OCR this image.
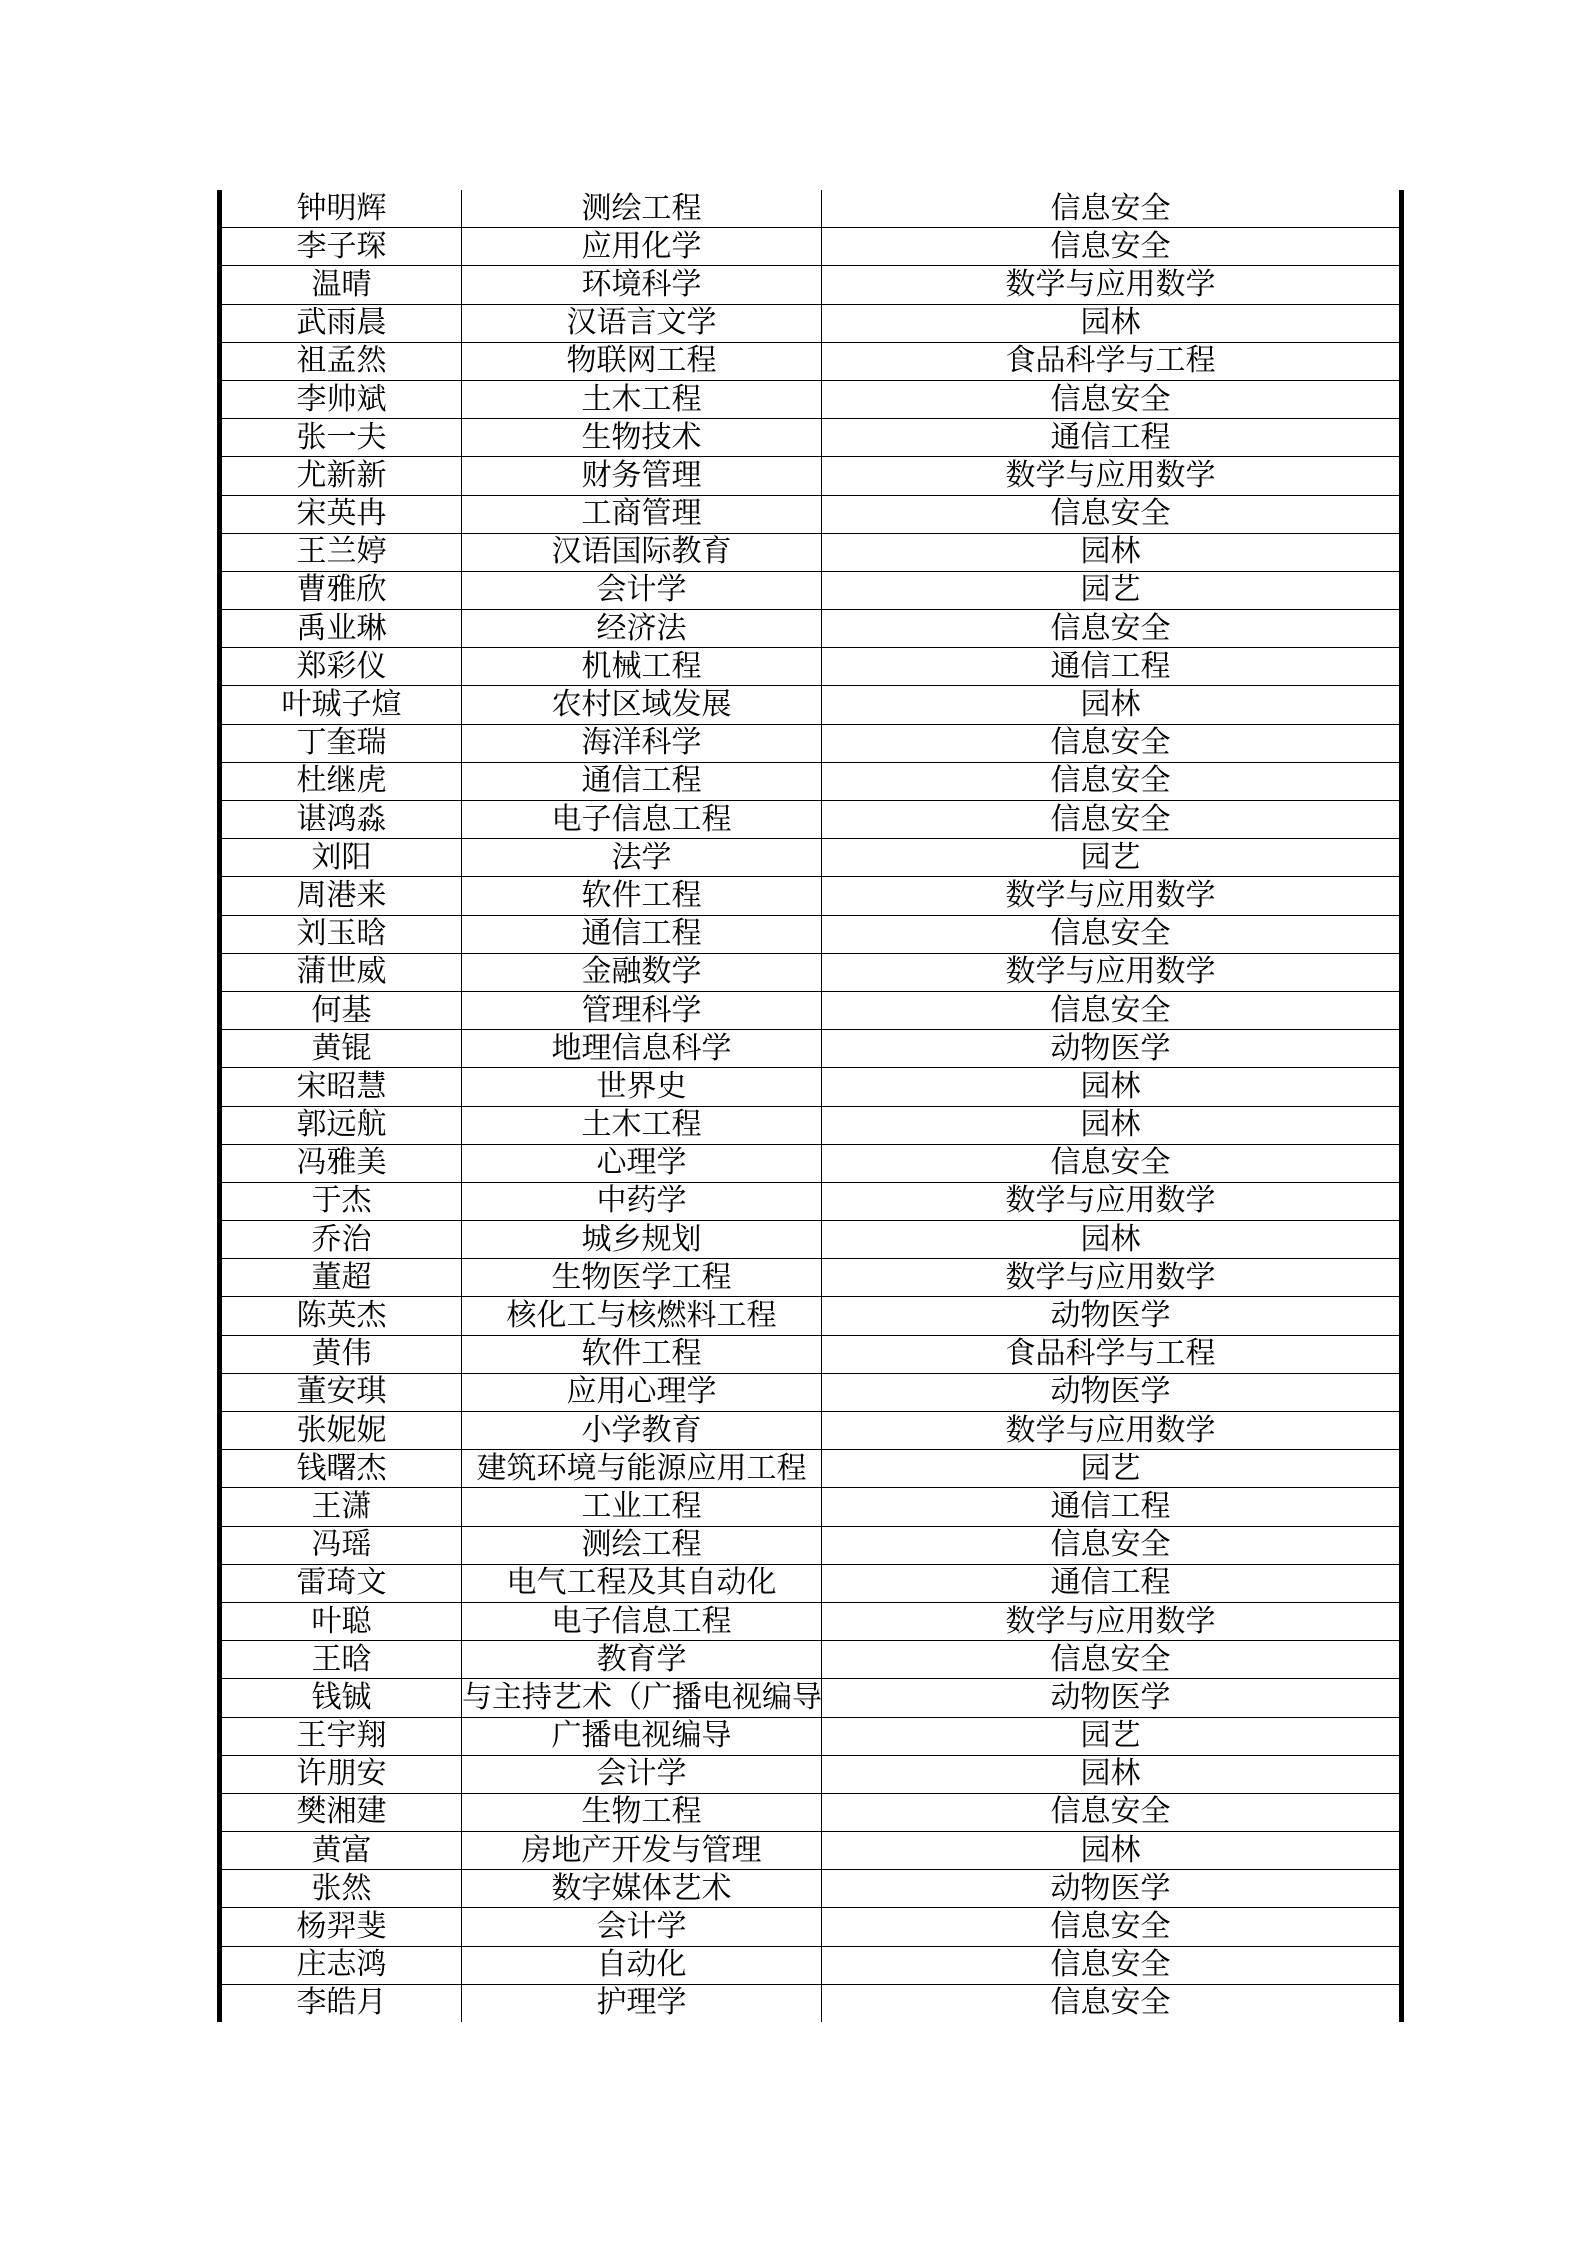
钟明辉	测绘工程	信息安全
李子琛	应用化学	信息安全
温晴	环境科学	数学与应用数学
武雨晨	汉语言文学	园林
祖孟然	物联网工程	食品科学与工程
李帅斌	土木工程	信息安全
张一夫	生物技术	通信工程
尤新新	财务管理	数学与应用数学
宋英冉	工商管理	信息安全
王兰婷	汉语国际教育	园林
曹雅欣	会计学	园艺
禹业琳	经济法	信息安全
郑彩仪	机械工程	通信工程
叶珹子煊	农村区域发展	园林
丁奎瑞	海洋科学	信息安全
杜继虎	通信工程	信息安全
谌鸿淼	电子信息工程	信息安全
刘阳	法学	园艺
周港来	软件工程	数学与应用数学
刘玉晗	通信工程	信息安全
蒲世威	金融数学	数学与应用数学
何基	管理科学	信息安全
黄锟	地理信息科学	动物医学
宋昭慧	世界史	园林
郭远航	土木工程	园林
冯雅美	心理学	信息安全
于杰	中药学	数学与应用数学
乔治	城乡规划	园林
董超	生物医学工程	数学与应用数学
陈英杰	核化工与核燃料工程	动物医学
黄伟	软件工程	食品科学与工程
董安琪	应用心理学	动物医学
张妮妮	小学教育	数学与应用数学
钱曙杰	建筑环境与能源应用工程	园艺
王潇	工业工程	通信工程
冯瑶	测绘工程	信息安全
雷琦文	电气工程及其自动化	通信工程
叶聪	电子信息工程	数学与应用数学
王晗	教育学	信息安全
钱铖	与主持艺术（广播电视编导	动物医学
王宇翔	广播电视编导	园艺
许朋安	会计学	园林
樊湘建	生物工程	信息安全
黄富	房地产开发与管理	园林
张然	数字媒体艺术	动物医学
杨羿斐	会计学	信息安全
庄志鸿	自动化	信息安全
李皓月	护理学	信息安全
